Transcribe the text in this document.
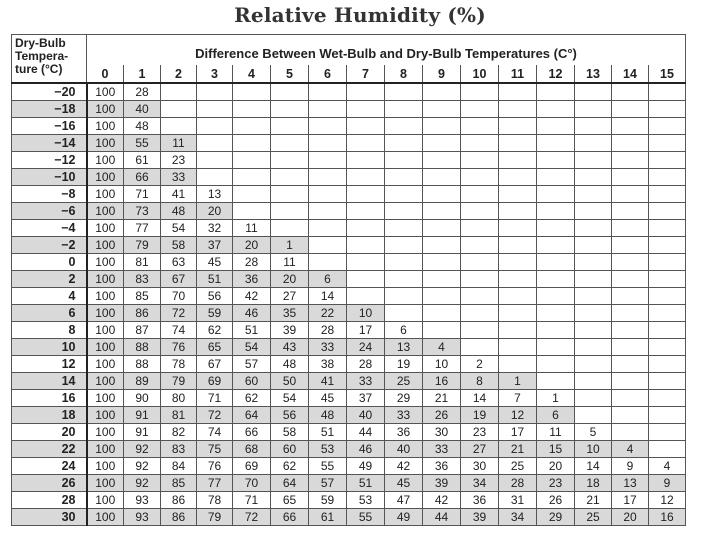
Relative Humidity (%)
Dry-Bulb Tempera-ture (°C)	Difference Between Wet-Bulb and Dry-Bulb Temperatures (C°)															
	0	1	2	3	4	5	6	7	8	9	10	11	12	13	14	15
−20	100	28														
−18	100	40														
−16	100	48														
−14	100	55	11													
−12	100	61	23													
−10	100	66	33													
−8	100	71	41	13												
−6	100	73	48	20												
−4	100	77	54	32	11											
−2	100	79	58	37	20	1										
0	100	81	63	45	28	11										
2	100	83	67	51	36	20	6									
4	100	85	70	56	42	27	14									
6	100	86	72	59	46	35	22	10								
8	100	87	74	62	51	39	28	17	6							
10	100	88	76	65	54	43	33	24	13	4						
12	100	88	78	67	57	48	38	28	19	10	2					
14	100	89	79	69	60	50	41	33	25	16	8	1				
16	100	90	80	71	62	54	45	37	29	21	14	7	1			
18	100	91	81	72	64	56	48	40	33	26	19	12	6			
20	100	91	82	74	66	58	51	44	36	30	23	17	11	5		
22	100	92	83	75	68	60	53	46	40	33	27	21	15	10	4	
24	100	92	84	76	69	62	55	49	42	36	30	25	20	14	9	4
26	100	92	85	77	70	64	57	51	45	39	34	28	23	18	13	9
28	100	93	86	78	71	65	59	53	47	42	36	31	26	21	17	12
30	100	93	86	79	72	66	61	55	49	44	39	34	29	25	20	16
